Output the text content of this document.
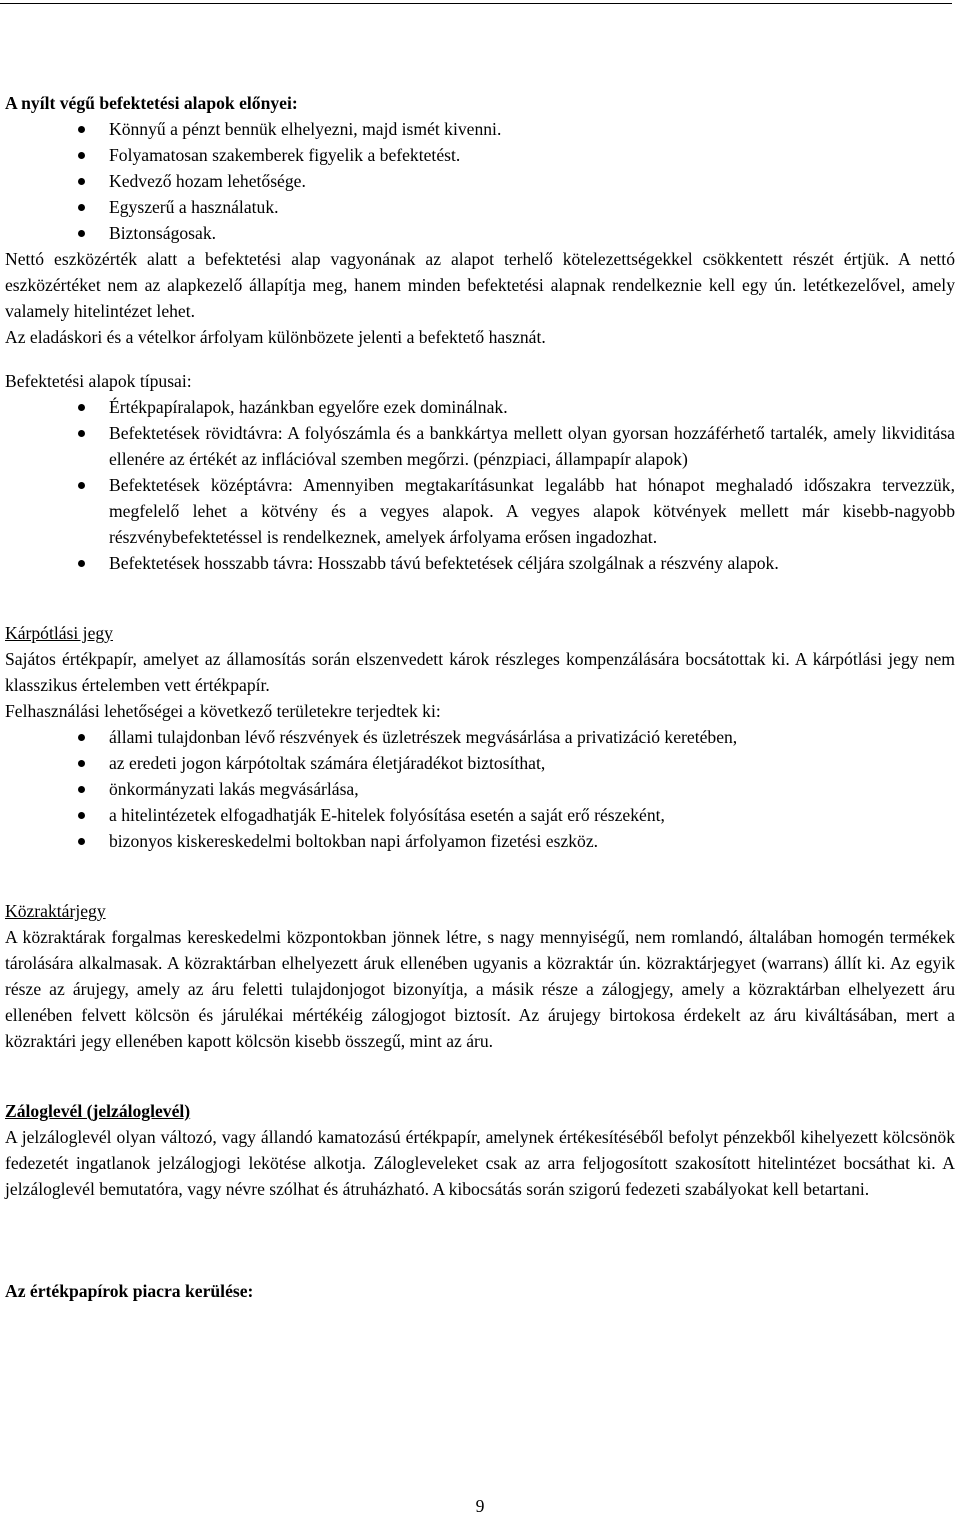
A nyílt végű befektetési alapok előnyei:

Könnyű a pénzt bennük elhelyezni, majd ismét kivenni.
Folyamatosan szakemberek figyelik a befektetést.
Kedvező hozam lehetősége.
Egyszerű a használatuk.
Biztonságosak.

Nettó eszközérték alatt a befektetési alap vagyonának az alapot terhelő kötelezettségekkel csökkentett részét értjük. A nettó eszközértéket nem az alapkezelő állapítja meg, hanem minden befektetési alapnak rendelkeznie kell egy ún. letétkezelővel, amely valamely hitelintézet lehet.

Az eladáskori és a vételkor árfolyam különbözete jelenti a befektető hasznát.

Befektetési alapok típusai:

Értékpapíralapok, hazánkban egyelőre ezek dominálnak.
Befektetések rövidtávra: A folyószámla és a bankkártya mellett olyan gyorsan hozzáférhető tartalék, amely likviditása ellenére az értékét az inflációval szemben megőrzi. (pénzpiaci, állampapír alapok)
Befektetések középtávra: Amennyiben megtakarításunkat legalább hat hónapot meghaladó időszakra tervezzük, megfelelő lehet a kötvény és a vegyes alapok. A vegyes alapok kötvények mellett már kisebb-nagyobb részvénybefektetéssel is rendelkeznek, amelyek árfolyama erősen ingadozhat.
Befektetések hosszabb távra: Hosszabb távú befektetések céljára szolgálnak a részvény alapok.

Kárpótlási jegy

Sajátos értékpapír, amelyet az államosítás során elszenvedett károk részleges kompenzálására bocsátottak ki. A kárpótlási jegy nem klasszikus értelemben vett értékpapír.

Felhasználási lehetőségei a következő területekre terjedtek ki:

állami tulajdonban lévő részvények és üzletrészek megvásárlása a privatizáció keretében,
az eredeti jogon kárpótoltak számára életjáradékot biztosíthat,
önkormányzati lakás megvásárlása,
a hitelintézetek elfogadhatják E-hitelek folyósítása esetén a saját erő részeként,
bizonyos kiskereskedelmi boltokban napi árfolyamon fizetési eszköz.

Közraktárjegy

A közraktárak forgalmas kereskedelmi központokban jönnek létre, s nagy mennyiségű, nem romlandó, általában homogén termékek tárolására alkalmasak. A közraktárban elhelyezett áruk ellenében ugyanis a közraktár ún. közraktárjegyet (warrans) állít ki. Az egyik része az árujegy, amely az áru feletti tulajdonjogot bizonyítja, a másik része a zálogjegy, amely a közraktárban elhelyezett áru ellenében felvett kölcsön és járulékai mértékéig zálogjogot biztosít. Az árujegy birtokosa érdekelt az áru kiváltásában, mert a közraktári jegy ellenében kapott kölcsön kisebb összegű, mint az áru.

Záloglevél (jelzáloglevél)

A jelzáloglevél olyan változó, vagy állandó kamatozású értékpapír, amelynek értékesítéséből befolyt pénzekből kihelyezett kölcsönök fedezetét ingatlanok jelzálogjogi lekötése alkotja. Zálogleveleket csak az arra feljogosított szakosított hitelintézet bocsáthat ki. A jelzáloglevél bemutatóra, vagy névre szólhat és átruházható. A kibocsátás során szigorú fedezeti szabályokat kell betartani.

Az értékpapírok piacra kerülése:

9
